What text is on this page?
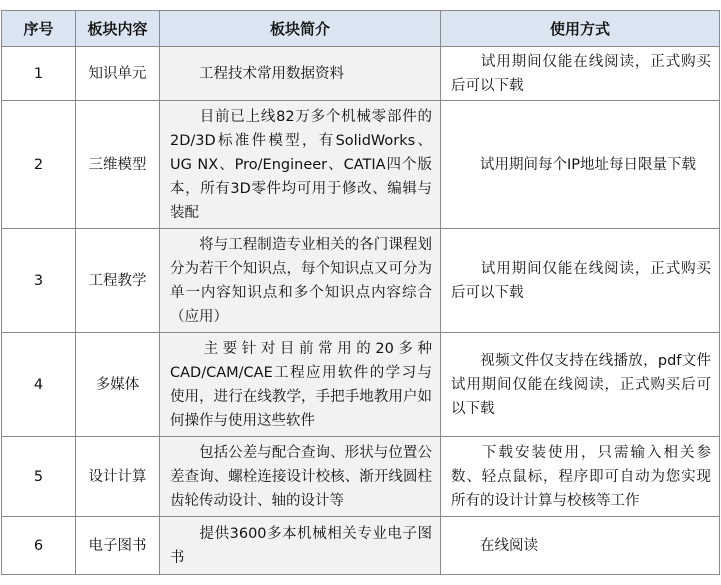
序号	板块内容	板块简介	使用方式
1	知识单元	工程技术常用数据资料	试用期间仅能在线阅读，正式购买后可以下载
2	三维模型	目前已上线82万多个机械零部件的2D/3D标准件模型，有SolidWorks、UG NX、Pro/Engineer、CATIA四个版本，所有3D零件均可用于修改、编辑与装配	试用期间每个IP地址每日限量下载
3	工程教学	将与工程制造专业相关的各门课程划分为若干个知识点，每个知识点又可分为单一内容知识点和多个知识点内容综合（应用）	试用期间仅能在线阅读，正式购买后可以下载
4	多媒体	主要针对目前常用的20多种CAD/CAM/CAE工程应用软件的学习与使用，进行在线教学，手把手地教用户如何操作与使用这些软件	视频文件仅支持在线播放，pdf文件试用期间仅能在线阅读，正式购买后可以下载
5	设计计算	包括公差与配合查询、形状与位置公差查询、螺栓连接设计校核、渐开线圆柱齿轮传动设计、轴的设计等	下载安装使用，只需输入相关参数、轻点鼠标，程序即可自动为您实现所有的设计计算与校核等工作
6	电子图书	提供3600多本机械相关专业电子图书	在线阅读
